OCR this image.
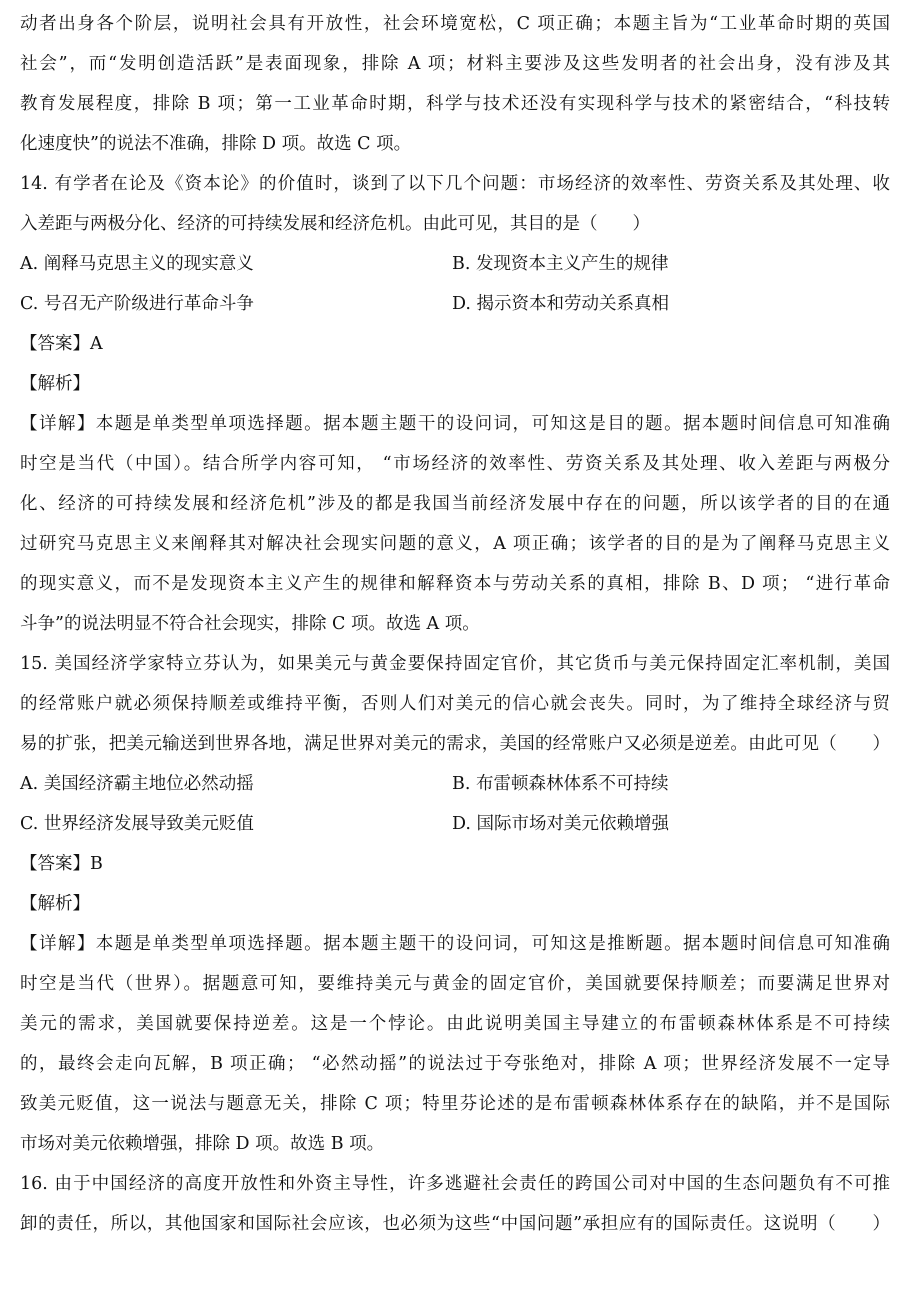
动者出身各个阶层，说明社会具有开放性，社会环境宽松，C 项正确；本题主旨为“工业革命时期的英国
社会”，而“发明创造活跃”是表面现象，排除 A 项；材料主要涉及这些发明者的社会出身，没有涉及其
教育发展程度，排除 B 项；第一工业革命时期，科学与技术还没有实现科学与技术的紧密结合，“科技转
化速度快”的说法不准确，排除 D 项。故选 C 项。
14. 有学者在论及《资本论》的价值时，谈到了以下几个问题：市场经济的效率性、劳资关系及其处理、收
入差距与两极分化、经济的可持续发展和经济危机。由此可见，其目的是（　　）
A. 阐释马克思主义的现实意义	B. 发现资本主义产生的规律
C. 号召无产阶级进行革命斗争	D. 揭示资本和劳动关系真相
【答案】A
【解析】
【详解】本题是单类型单项选择题。据本题主题干的设问词，可知这是目的题。据本题时间信息可知准确
时空是当代（中国）。结合所学内容可知， “市场经济的效率性、劳资关系及其处理、收入差距与两极分
化、经济的可持续发展和经济危机”涉及的都是我国当前经济发展中存在的问题，所以该学者的目的在通
过研究马克思主义来阐释其对解决社会现实问题的意义，A 项正确；该学者的目的是为了阐释马克思主义
的现实意义，而不是发现资本主义产生的规律和解释资本与劳动关系的真相，排除 B、D 项； “进行革命
斗争”的说法明显不符合社会现实，排除 C 项。故选 A 项。
15. 美国经济学家特立芬认为，如果美元与黄金要保持固定官价，其它货币与美元保持固定汇率机制，美国
的经常账户就必须保持顺差或维持平衡，否则人们对美元的信心就会丧失。同时，为了维持全球经济与贸
易的扩张，把美元输送到世界各地，满足世界对美元的需求，美国的经常账户又必须是逆差。由此可见（　　）
A. 美国经济霸主地位必然动摇	B. 布雷顿森林体系不可持续
C. 世界经济发展导致美元贬值	D. 国际市场对美元依赖增强
【答案】B
【解析】
【详解】本题是单类型单项选择题。据本题主题干的设问词，可知这是推断题。据本题时间信息可知准确
时空是当代（世界）。据题意可知，要维持美元与黄金的固定官价，美国就要保持顺差；而要满足世界对
美元的需求，美国就要保持逆差。这是一个悖论。由此说明美国主导建立的布雷顿森林体系是不可持续
的，最终会走向瓦解，B 项正确； “必然动摇”的说法过于夸张绝对，排除 A 项；世界经济发展不一定导
致美元贬值，这一说法与题意无关，排除 C 项；特里芬论述的是布雷顿森林体系存在的缺陷，并不是国际
市场对美元依赖增强，排除 D 项。故选 B 项。
16. 由于中国经济的高度开放性和外资主导性，许多逃避社会责任的跨国公司对中国的生态问题负有不可推
卸的责任，所以，其他国家和国际社会应该，也必须为这些“中国问题”承担应有的国际责任。这说明（　　）
